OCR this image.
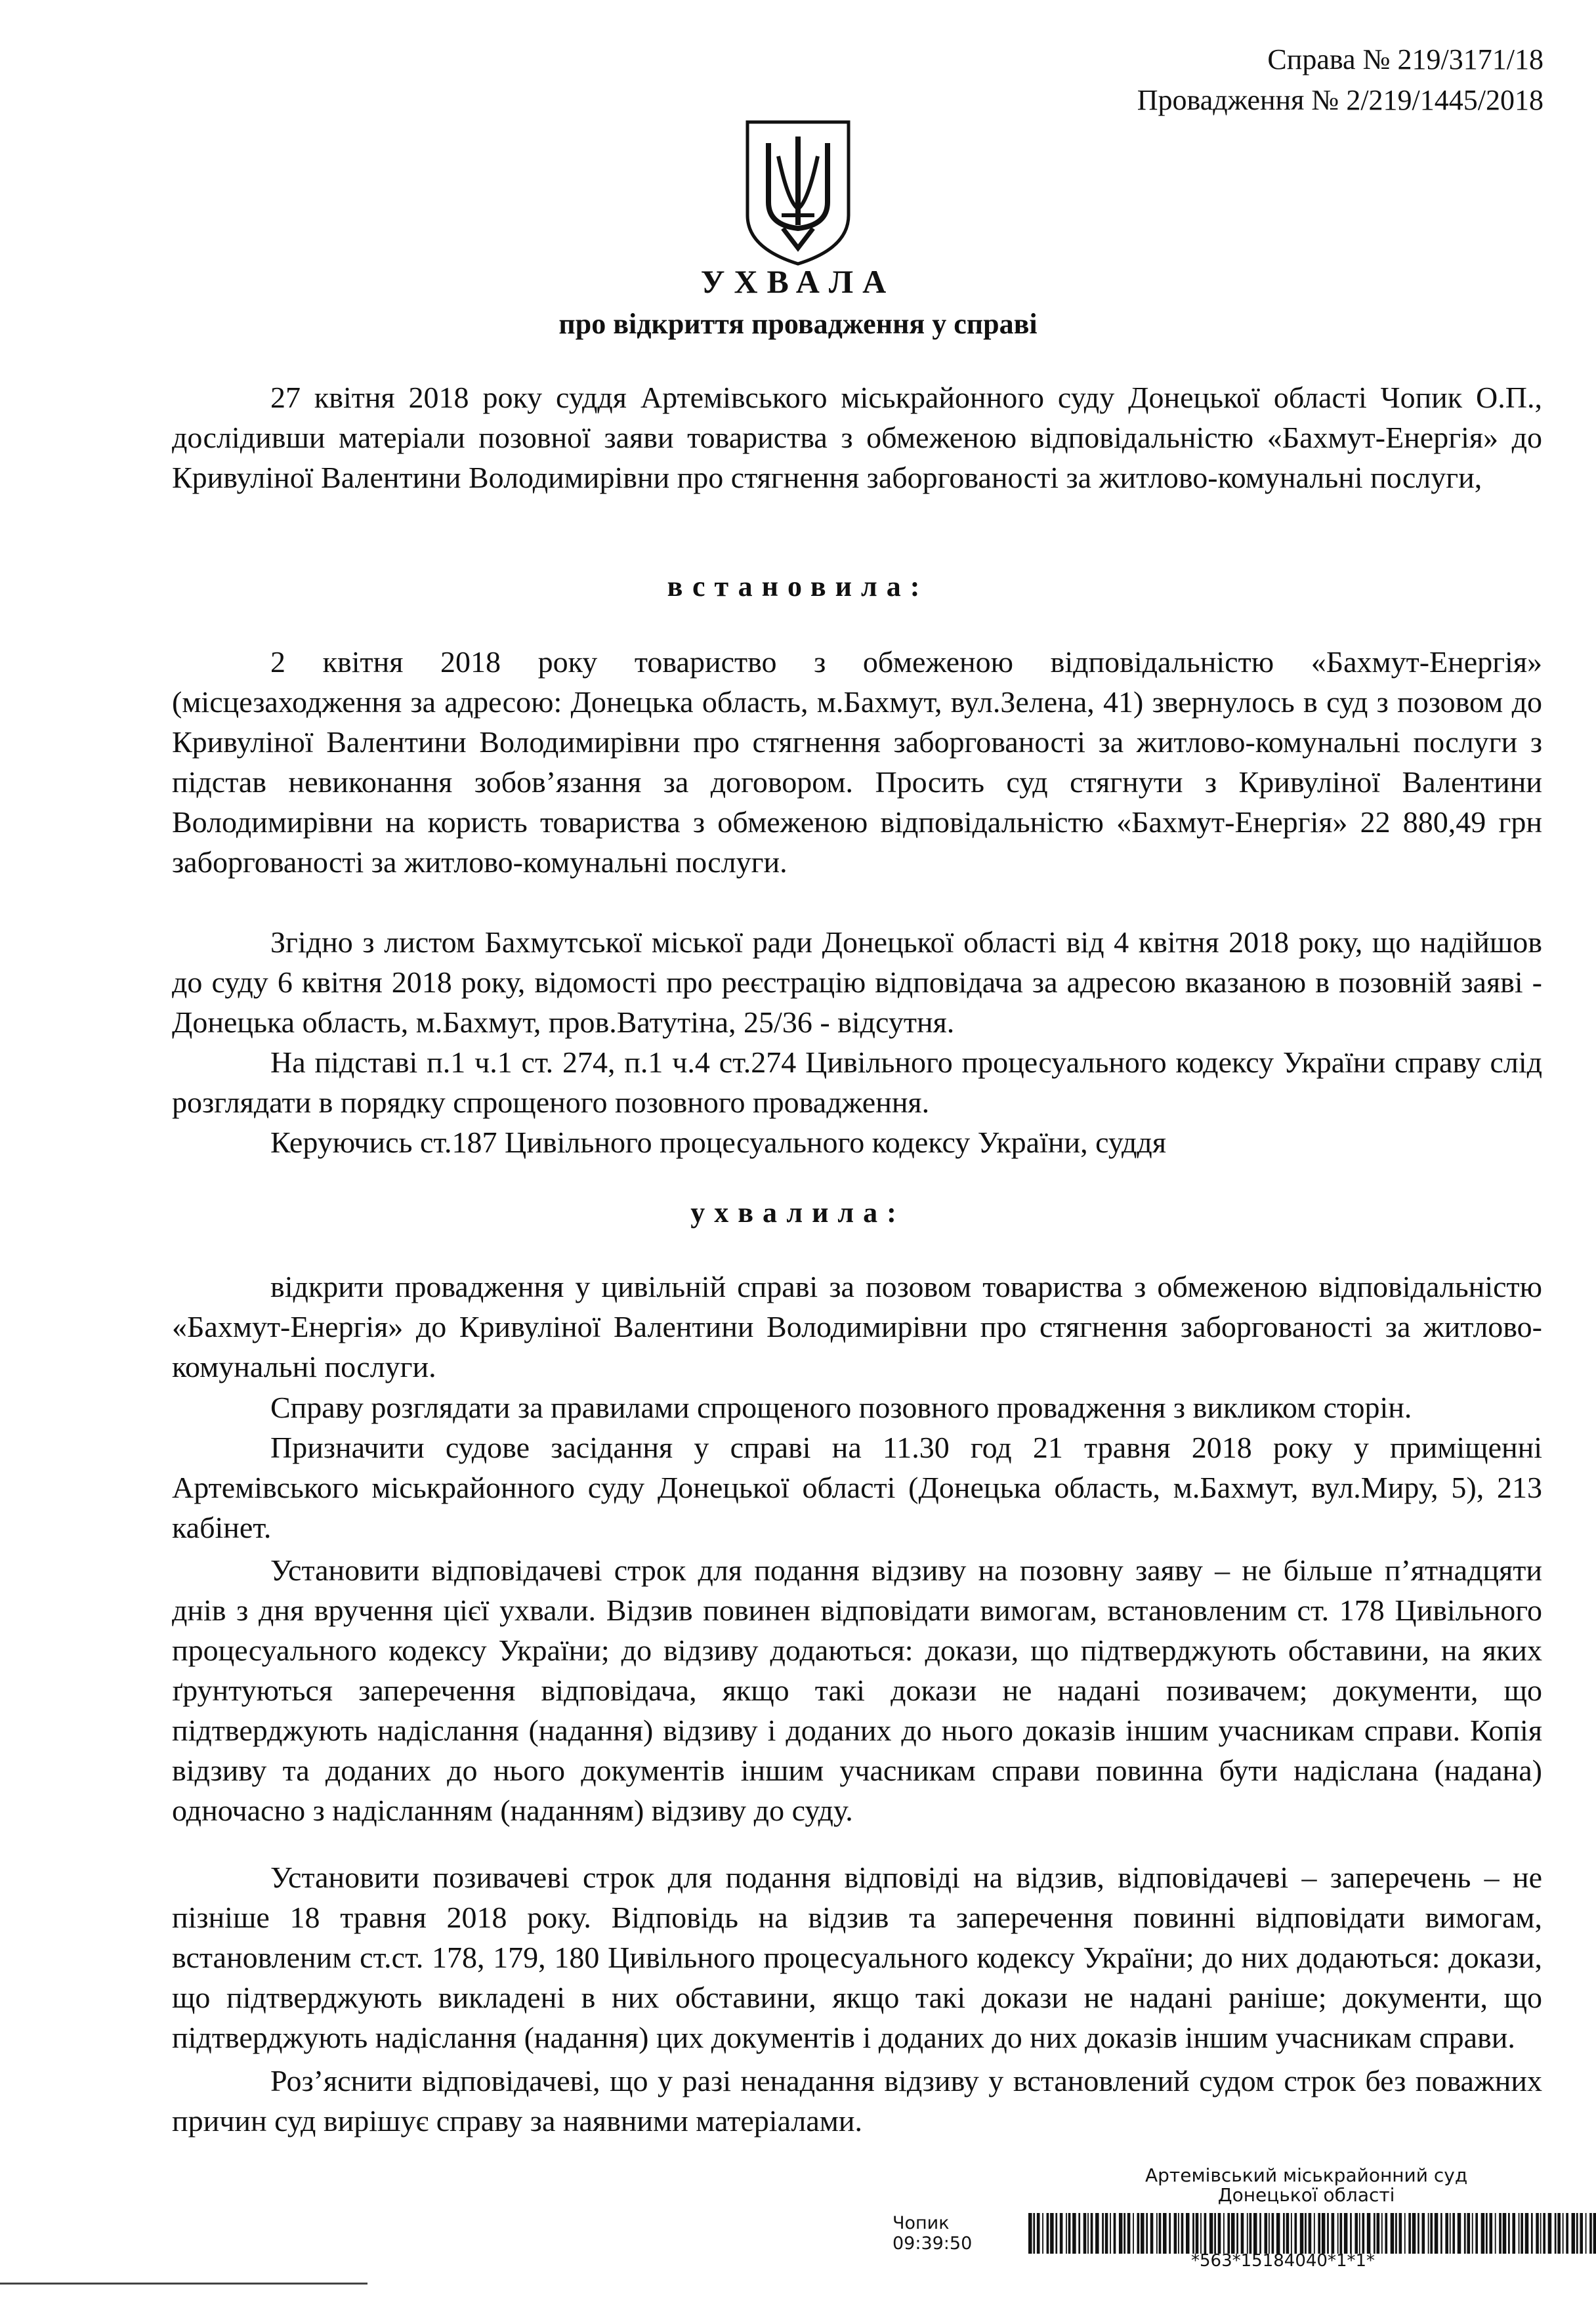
Справа № 219/3171/18
Провадження № 2/219/1445/2018
УХВАЛА
про відкриття провадження у справі

27 квітня 2018 року суддя Артемівського міськрайонного суду Донецької області Чопик О.П., дослідивши матеріали позовної заяви товариства з обмеженою відповідальністю «Бахмут-Енергія» до Кривуліної Валентини Володимирівни про стягнення заборгованості за житлово-комунальні послуги,

встановила:

2 квітня 2018 року товариство з обмеженою відповідальністю «Бахмут-Енергія» (місцезаходження за адресою: Донецька область, м.Бахмут, вул.Зелена, 41) звернулось в суд з позовом до Кривуліної Валентини Володимирівни про стягнення заборгованості за житлово-комунальні послуги з підстав невиконання зобов’язання за договором. Просить суд стягнути з Кривуліної Валентини Володимирівни на користь товариства з обмеженою відповідальністю «Бахмут-Енергія» 22 880,49 грн заборгованості за житлово-комунальні послуги.

Згідно з листом Бахмутської міської ради Донецької області від 4 квітня 2018 року, що надійшов до суду 6 квітня 2018 року, відомості про реєстрацію відповідача за адресою вказаною в позовній заяві - Донецька область, м.Бахмут, пров.Ватутіна, 25/36 - відсутня.

На підставі п.1 ч.1 ст. 274, п.1 ч.4 ст.274 Цивільного процесуального кодексу України справу слід розглядати в порядку спрощеного позовного провадження.

Керуючись ст.187 Цивільного процесуального кодексу України, суддя

ухвалила:

відкрити провадження у цивільній справі за позовом товариства з обмеженою відповідальністю «Бахмут-Енергія» до Кривуліної Валентини Володимирівни про стягнення заборгованості за житлово-комунальні послуги.

Справу розглядати за правилами спрощеного позовного провадження з викликом сторін.

Призначити судове засідання у справі на 11.30 год 21 травня 2018 року у приміщенні Артемівського міськрайонного суду Донецької області (Донецька область, м.Бахмут, вул.Миру, 5), 213 кабінет.

Установити відповідачеві строк для подання відзиву на позовну заяву – не більше п’ятнадцяти днів з дня вручення цієї ухвали. Відзив повинен відповідати вимогам, встановленим ст. 178 Цивільного процесуального кодексу України; до відзиву додаються: докази, що підтверджують обставини, на яких ґрунтуються заперечення відповідача, якщо такі докази не надані позивачем; документи, що підтверджують надіслання (надання) відзиву і доданих до нього доказів іншим учасникам справи. Копія відзиву та доданих до нього документів іншим учасникам справи повинна бути надіслана (надана) одночасно з надісланням (наданням) відзиву до суду.

Установити позивачеві строк для подання відповіді на відзив, відповідачеві – заперечень – не пізніше 18 травня 2018 року. Відповідь на відзив та заперечення повинні відповідати вимогам, встановленим ст.ст. 178, 179, 180 Цивільного процесуального кодексу України; до них додаються: докази, що підтверджують викладені в них обставини, якщо такі докази не надані раніше; документи, що підтверджують надіслання (надання) цих документів і доданих до них доказів іншим учасникам справи.

Роз’яснити відповідачеві, що у разі ненадання відзиву у встановлений судом строк без поважних причин суд вирішує справу за наявними матеріалами.

Артемівський міськрайонний суд
Донецької області
Чопик 09:39:50
*563*15184040*1*1*
